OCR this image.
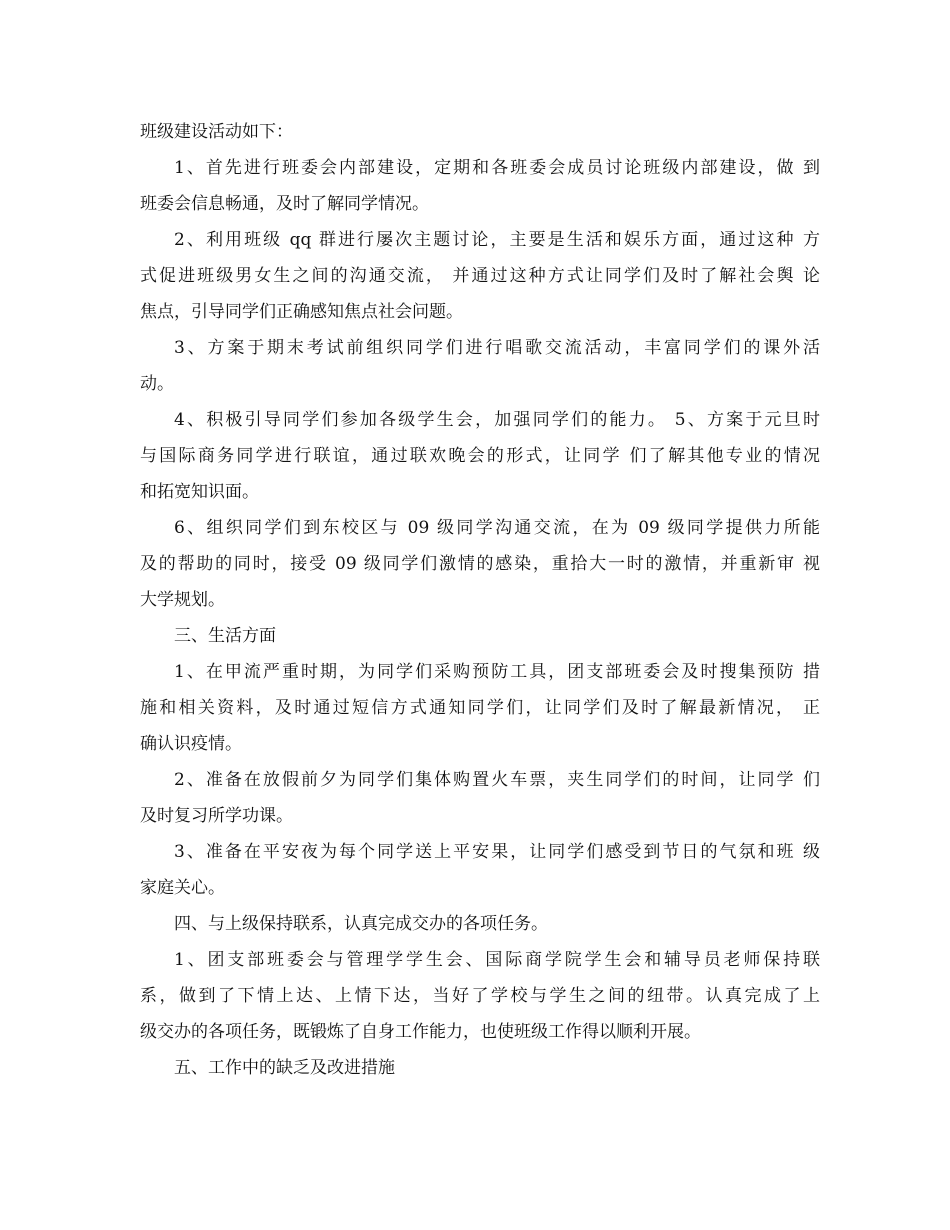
班级建设活动如下：
1、首先进行班委会内部建设，定期和各班委会成员讨论班级内部建设，做 到
班委会信息畅通，及时了解同学情况。
2、利用班级 qq 群进行屡次主题讨论，主要是生活和娱乐方面，通过这种 方
式促进班级男女生之间的沟通交流， 并通过这种方式让同学们及时了解社会舆 论
焦点，引导同学们正确感知焦点社会问题。
3、方案于期末考试前组织同学们进行唱歌交流活动，丰富同学们的课外活
动。
4、积极引导同学们参加各级学生会，加强同学们的能力。 5、方案于元旦时
与国际商务同学进行联谊，通过联欢晚会的形式，让同学 们了解其他专业的情况
和拓宽知识面。
6、组织同学们到东校区与 09 级同学沟通交流，在为 09 级同学提供力所能
及的帮助的同时，接受 09 级同学们激情的感染，重拾大一时的激情，并重新审 视
大学规划。
三、生活方面
1、在甲流严重时期，为同学们采购预防工具，团支部班委会及时搜集预防 措
施和相关资料，及时通过短信方式通知同学们，让同学们及时了解最新情况， 正
确认识疫情。
2、准备在放假前夕为同学们集体购置火车票，夹生同学们的时间，让同学 们
及时复习所学功课。
3、准备在平安夜为每个同学送上平安果，让同学们感受到节日的气氛和班 级
家庭关心。
四、与上级保持联系，认真完成交办的各项任务。
1、团支部班委会与管理学学生会、国际商学院学生会和辅导员老师保持联
系，做到了下情上达、上情下达，当好了学校与学生之间的纽带。认真完成了上
级交办的各项任务，既锻炼了自身工作能力，也使班级工作得以顺利开展。
五、工作中的缺乏及改进措施
